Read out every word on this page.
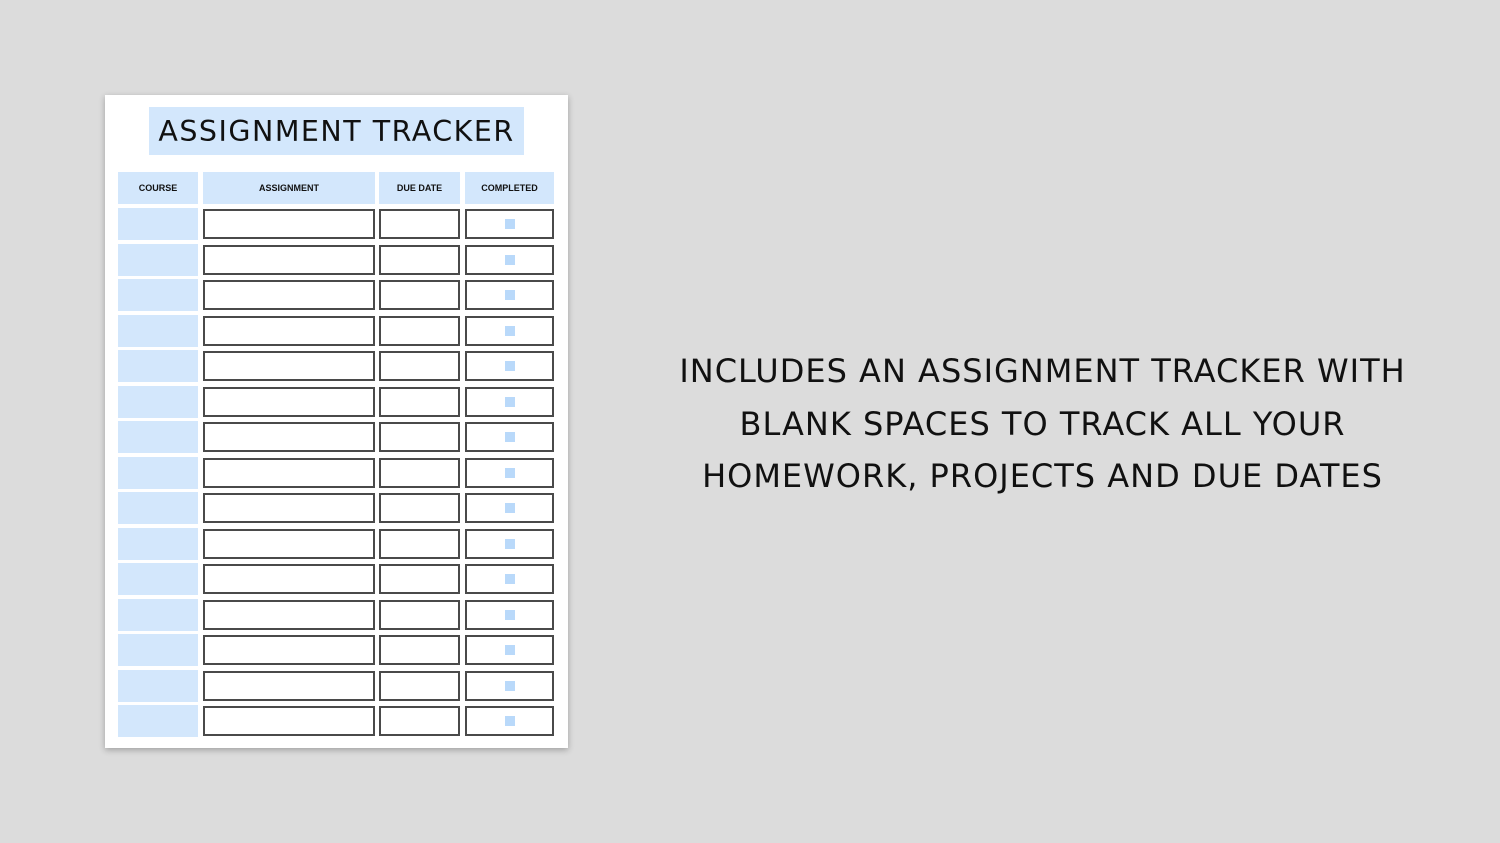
ASSIGNMENT TRACKER
COURSE	ASSIGNMENT	DUE DATE	COMPLETED
INCLUDES AN ASSIGNMENT TRACKER WITH
BLANK SPACES TO TRACK ALL YOUR
HOMEWORK, PROJECTS AND DUE DATES
